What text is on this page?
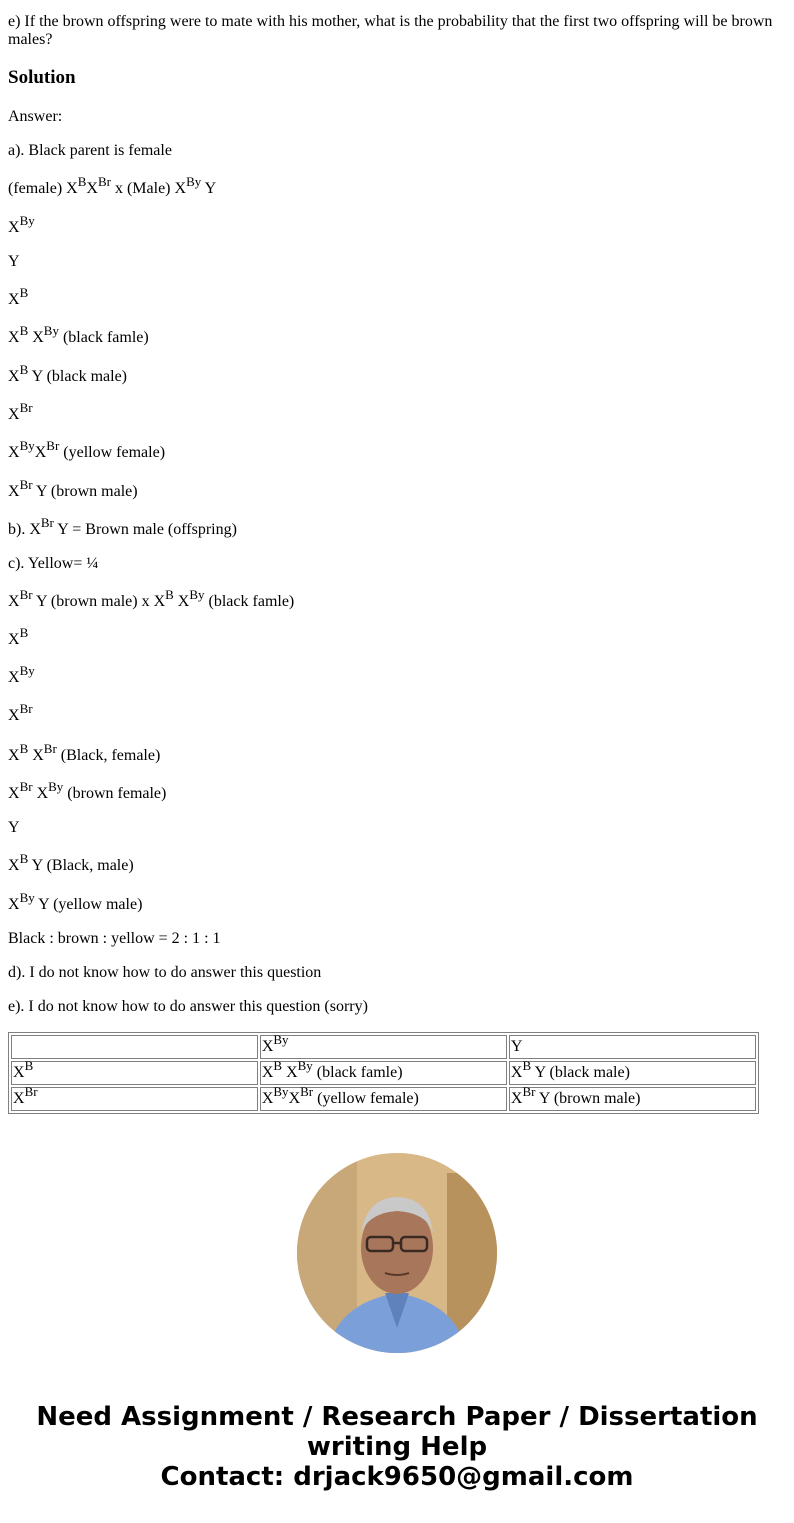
e) If the brown offspring were to mate with his mother, what is the probability that the first two offspring will be brown males?

Solution

Answer:

a). Black parent is female

(female) $X^BX^{Br}$ x (Male) $X^{By}$ Y

$X^{By}$

Y

$X^B$

$X^B$ $X^{By}$ (black famle)

$X^B$ Y (black male)

$X^{Br}$

$X^{By}X^{Br}$ (yellow female)

$X^{Br}$ Y (brown male)

b). $X^{Br}$ Y = Brown male (offspring)

c). Yellow= ¼

$X^{Br}$ Y (brown male) x $X^B$ $X^{By}$ (black famle)

$X^B$

$X^{By}$

$X^{Br}$

$X^B$ $X^{Br}$ (Black, female)

$X^{Br}$ $X^{By}$ (brown female)

Y

$X^B$ Y (Black, male)

$X^{By}$ Y (yellow male)

Black : brown : yellow = 2 : 1 : 1

d). I do not know how to do answer this question

e). I do not know how to do answer this question (sorry)

	$X^{By}$	Y
$X^B$	$X^B$ $X^{By}$ (black famle)	$X^B$ Y (black male)
$X^{Br}$	$X^{By}X^{Br}$ (yellow female)	$X^{Br}$ Y (brown male)
Need Assignment / Research Paper / Dissertation
writing Help
Contact: drjack9650@gmail.com
